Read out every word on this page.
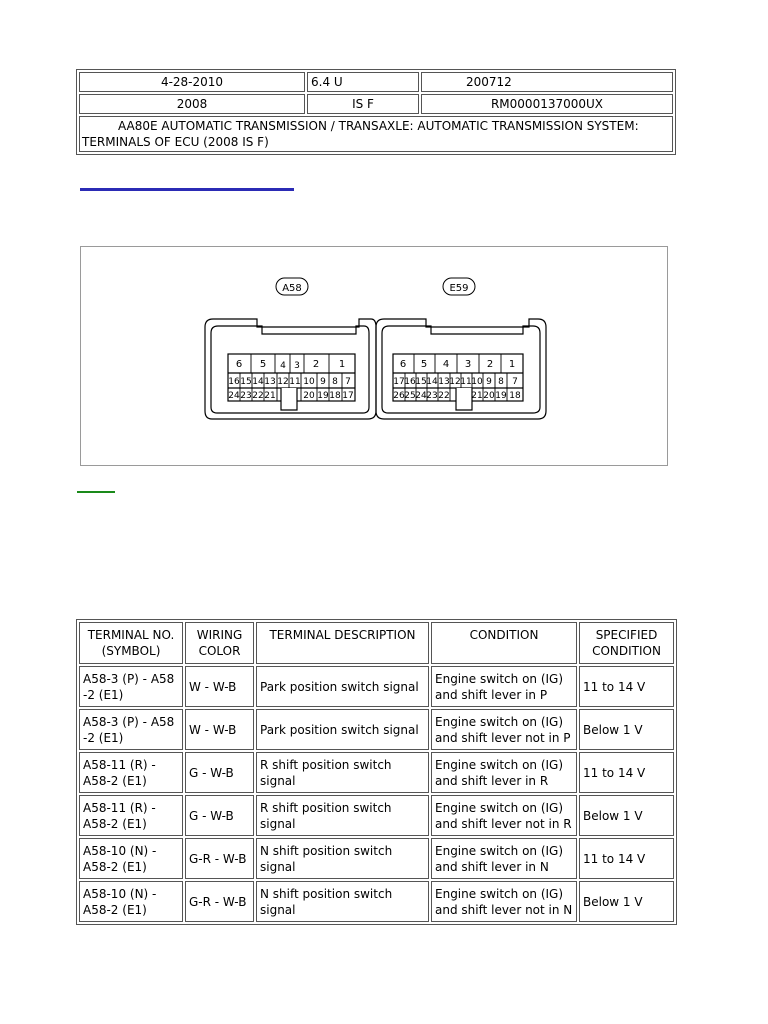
4-28-2010	6.4 U	200712
2008	IS F	RM0000137000UX
AA80E AUTOMATIC TRANSMISSION / TRANSAXLE: AUTOMATIC TRANSMISSION SYSTEM: TERMINALS OF ECU (2008 IS F)		
A58	E59
6 5 4 3 2 1
16 15 14 13 12 11 10 9 8 7
24 23 22 21	20 19 18 17
6 5 4 3 2 1
17 16 15 14 13 12 11 10 9 8 7
26 25 24 23 22 21 20 19 18
TERMINAL NO. (SYMBOL)	WIRING COLOR	TERMINAL DESCRIPTION	CONDITION	SPECIFIED CONDITION
A58-3 (P) - A58 -2 (E1)	W - W-B	Park position switch signal	Engine switch on (IG) and shift lever in P	11 to 14 V
A58-3 (P) - A58 -2 (E1)	W - W-B	Park position switch signal	Engine switch on (IG) and shift lever not in P	Below 1 V
A58-11 (R) - A58-2 (E1)	G - W-B	R shift position switch signal	Engine switch on (IG) and shift lever in R	11 to 14 V
A58-11 (R) - A58-2 (E1)	G - W-B	R shift position switch signal	Engine switch on (IG) and shift lever not in R	Below 1 V
A58-10 (N) - A58-2 (E1)	G-R - W-B	N shift position switch signal	Engine switch on (IG) and shift lever in N	11 to 14 V
A58-10 (N) - A58-2 (E1)	G-R - W-B	N shift position switch signal	Engine switch on (IG) and shift lever not in N	Below 1 V
